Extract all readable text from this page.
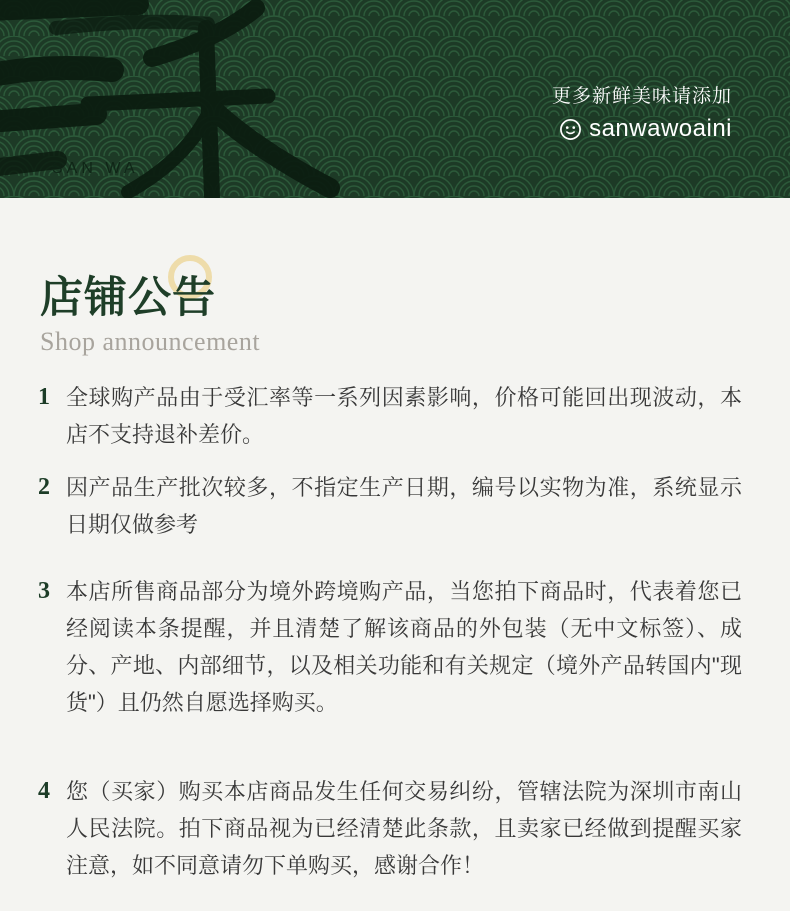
SAN WA
更多新鲜美味请添加
sanwawoaini
店铺公告
Shop announcement
1 全球购产品由于受汇率等一系列因素影响，价格可能回出现波动，本店不支持退补差价。

2 因产品生产批次较多，不指定生产日期，编号以实物为准，系统显示日期仅做参考

3 本店所售商品部分为境外跨境购产品，当您拍下商品时，代表着您已经阅读本条提醒，并且清楚了解该商品的外包装（无中文标签）、成分、产地、内部细节，以及相关功能和有关规定（境外产品转国内"现货"）且仍然自愿选择购买。

4 您（买家）购买本店商品发生任何交易纠纷，管辖法院为深圳市南山人民法院。拍下商品视为已经清楚此条款，且卖家已经做到提醒买家注意，如不同意请勿下单购买，感谢合作！
